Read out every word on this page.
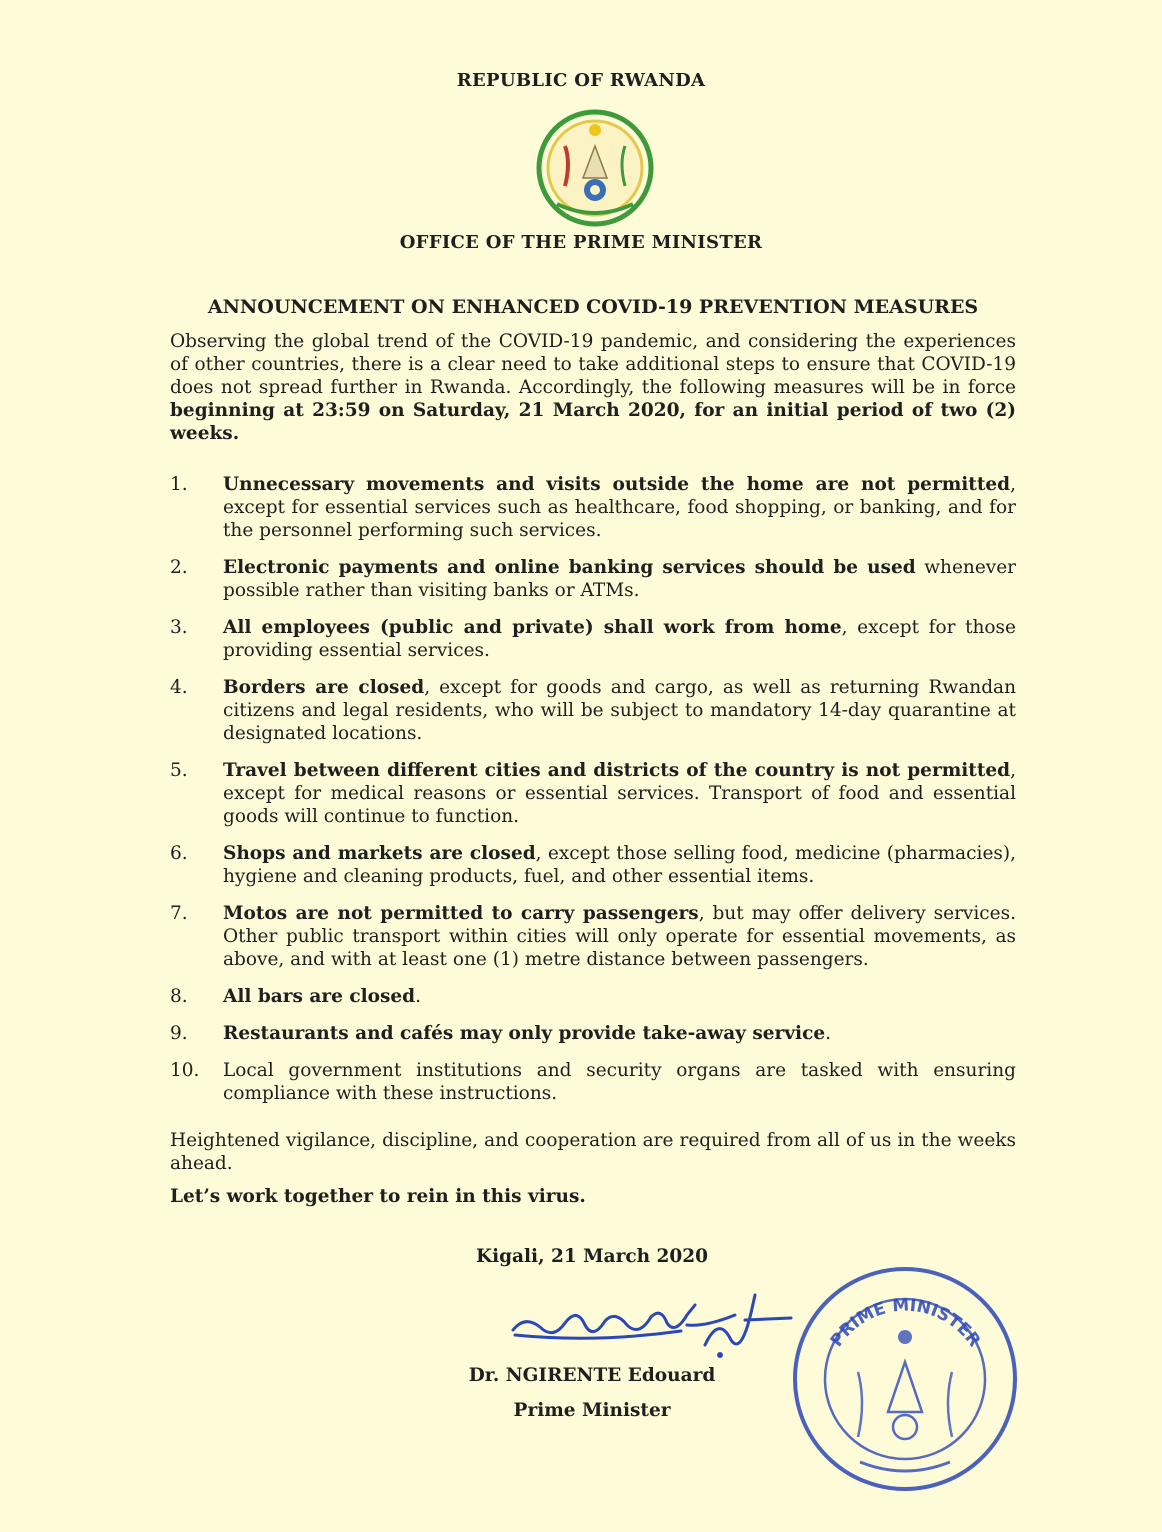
REPUBLIC OF RWANDA
OFFICE OF THE PRIME MINISTER
ANNOUNCEMENT ON ENHANCED COVID-19 PREVENTION MEASURES
Observing the global trend of the COVID-19 pandemic, and considering the experiences of other countries, there is a clear need to take additional steps to ensure that COVID-19 does not spread further in Rwanda. Accordingly, the following measures will be in force beginning at 23:59 on Saturday, 21 March 2020, for an initial period of two (2) weeks.
1.	Unnecessary movements and visits outside the home are not permitted, except for essential services such as healthcare, food shopping, or banking, and for the personnel performing such services.
2.	Electronic payments and online banking services should be used whenever possible rather than visiting banks or ATMs.
3.	All employees (public and private) shall work from home, except for those providing essential services.
4.	Borders are closed, except for goods and cargo, as well as returning Rwandan citizens and legal residents, who will be subject to mandatory 14-day quarantine at designated locations.
5.	Travel between different cities and districts of the country is not permitted, except for medical reasons or essential services. Transport of food and essential goods will continue to function.
6.	Shops and markets are closed, except those selling food, medicine (pharmacies), hygiene and cleaning products, fuel, and other essential items.
7.	Motos are not permitted to carry passengers, but may offer delivery services. Other public transport within cities will only operate for essential movements, as above, and with at least one (1) metre distance between passengers.
8.	All bars are closed.
9.	Restaurants and cafés may only provide take-away service.
10.	Local government institutions and security organs are tasked with ensuring compliance with these instructions.
Heightened vigilance, discipline, and cooperation are required from all of us in the weeks ahead.
Let’s work together to rein in this virus.
Kigali, 21 March 2020
Dr. NGIRENTE Edouard
Prime Minister
PRIME MINISTER
